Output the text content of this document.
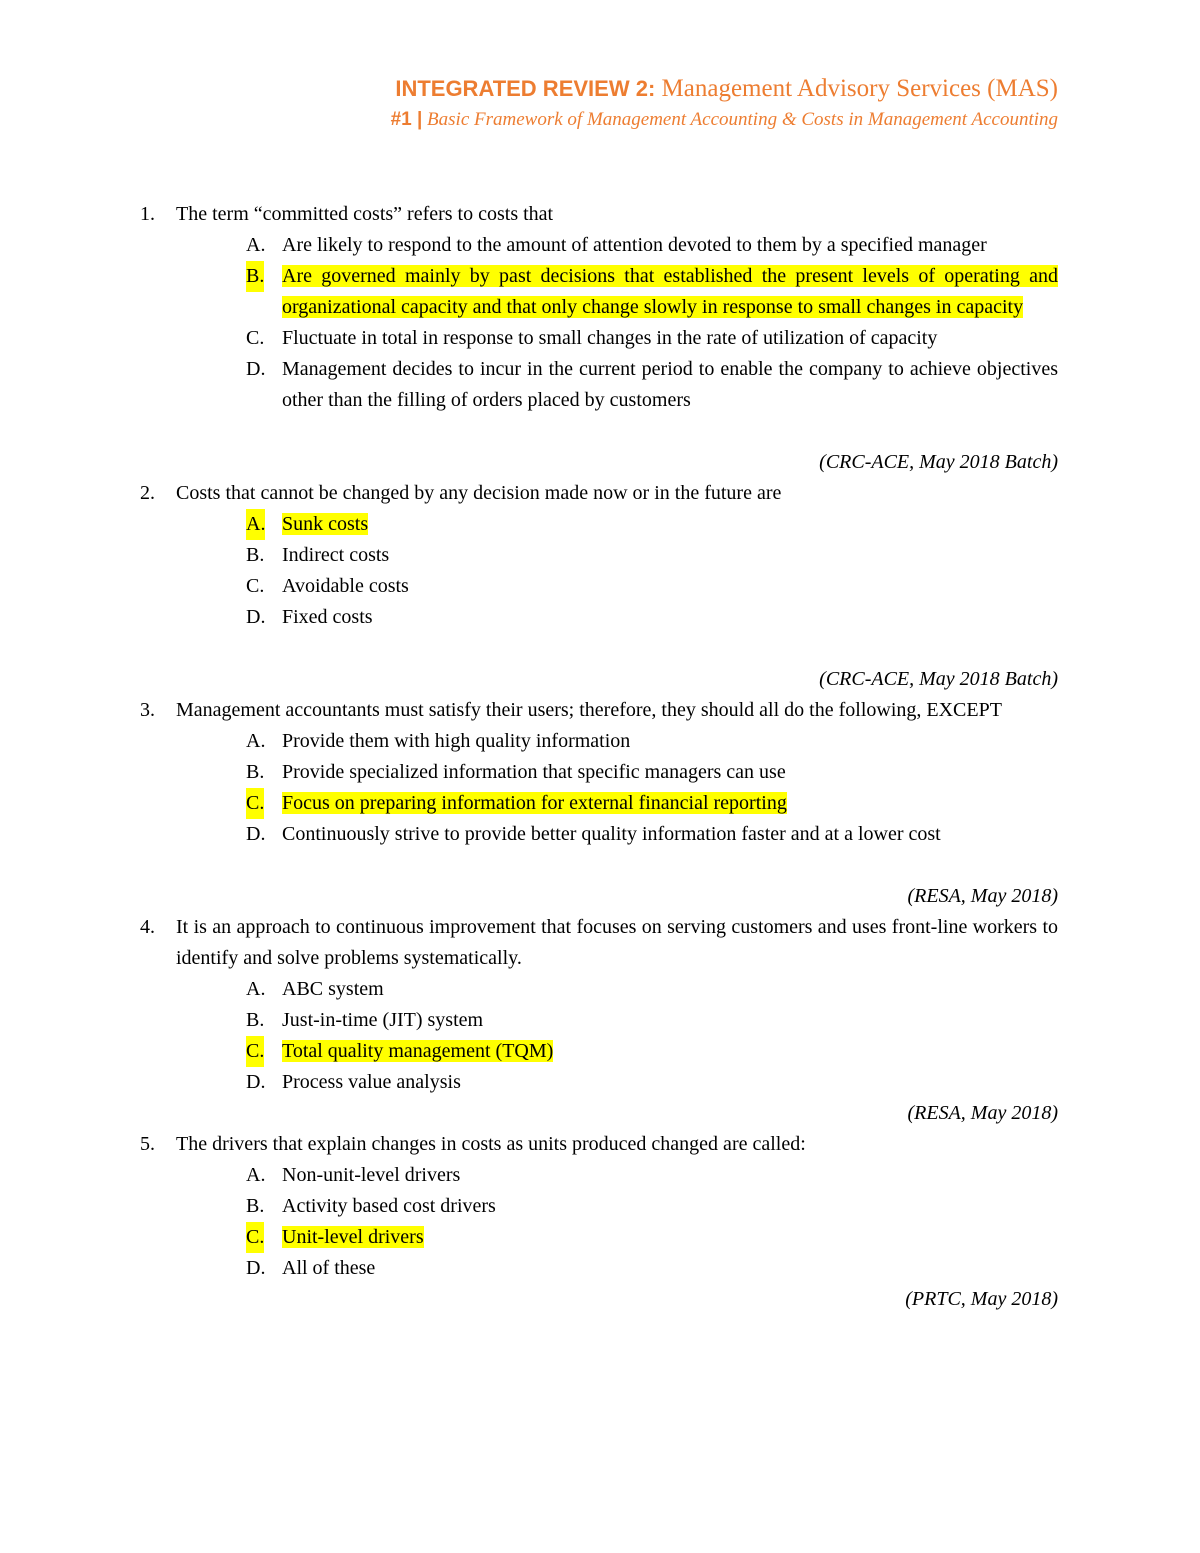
INTEGRATED REVIEW 2: Management Advisory Services (MAS)
#1 | Basic Framework of Management Accounting & Costs in Management Accounting
1.	The term “committed costs” refers to costs that
A. Are likely to respond to the amount of attention devoted to them by a specified manager
B. Are governed mainly by past decisions that established the present levels of operating and organizational capacity and that only change slowly in response to small changes in capacity
C. Fluctuate in total in response to small changes in the rate of utilization of capacity
D. Management decides to incur in the current period to enable the company to achieve objectives other than the filling of orders placed by customers
(CRC-ACE, May 2018 Batch)
2.	Costs that cannot be changed by any decision made now or in the future are
A. Sunk costs
B. Indirect costs
C. Avoidable costs
D. Fixed costs
(CRC-ACE, May 2018 Batch)
3.	Management accountants must satisfy their users; therefore, they should all do the following, EXCEPT
A. Provide them with high quality information
B. Provide specialized information that specific managers can use
C. Focus on preparing information for external financial reporting
D. Continuously strive to provide better quality information faster and at a lower cost
(RESA, May 2018)
4.	It is an approach to continuous improvement that focuses on serving customers and uses front-line workers to identify and solve problems systematically.
A. ABC system
B. Just-in-time (JIT) system
C. Total quality management (TQM)
D. Process value analysis
(RESA, May 2018)
5.	The drivers that explain changes in costs as units produced changed are called:
A. Non-unit-level drivers
B. Activity based cost drivers
C. Unit-level drivers
D. All of these
(PRTC, May 2018)
